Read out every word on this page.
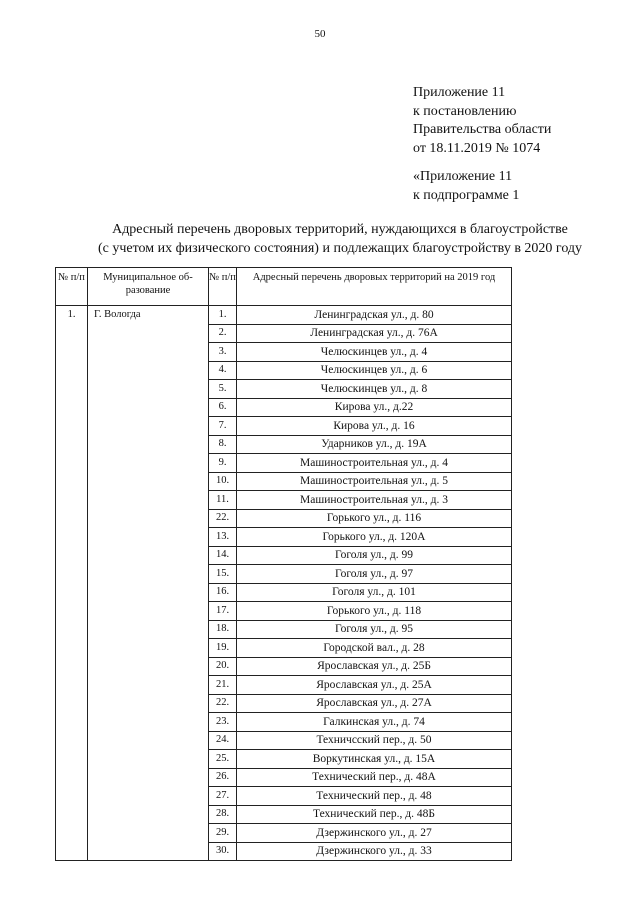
50
Приложение 11
к постановлению
Правительства области
от 18.11.2019 № 1074
«Приложение 11
к подпрограмме 1
Адресный перечень дворовых территорий, нуждающихся в благоустройстве
(с учетом их физического состояния) и подлежащих благоустройству в 2020 году
№ п/п	Муниципальное об-разование	№ п/п	Адресный перечень дворовых территорий на 2019 год
1.	Г. Вологда	1.	Ленинградская ул., д. 80
		2.	Ленинградская ул., д. 76А
		3.	Челюскинцев ул., д. 4
		4.	Челюскинцев ул., д. 6
		5.	Челюскинцев ул., д. 8
		6.	Кирова ул., д.22
		7.	Кирова ул., д. 16
		8.	Ударников ул., д. 19А
		9.	Машиностроительная ул., д. 4
		10.	Машиностроительная ул., д. 5
		11.	Машиностроительная ул., д. 3
		22.	Горького ул., д. 116
		13.	Горького ул., д. 120А
		14.	Гоголя ул., д. 99
		15.	Гоголя ул., д. 97
		16.	Гоголя ул., д. 101
		17.	Горького ул., д. 118
		18.	Гоголя ул., д. 95
		19.	Городской вал., д. 28
		20.	Ярославская ул., д. 25Б
		21.	Ярославская ул., д. 25А
		22.	Ярославская ул., д. 27А
		23.	Галкинская ул., д. 74
		24.	Техничсский пер., д. 50
		25.	Воркутинская ул., д. 15А
		26.	Технический пер., д. 48А
		27.	Технический пер., д. 48
		28.	Технический пер., д. 48Б
		29.	Дзержинского ул., д. 27
		30.	Дзержинского ул., д. 33
